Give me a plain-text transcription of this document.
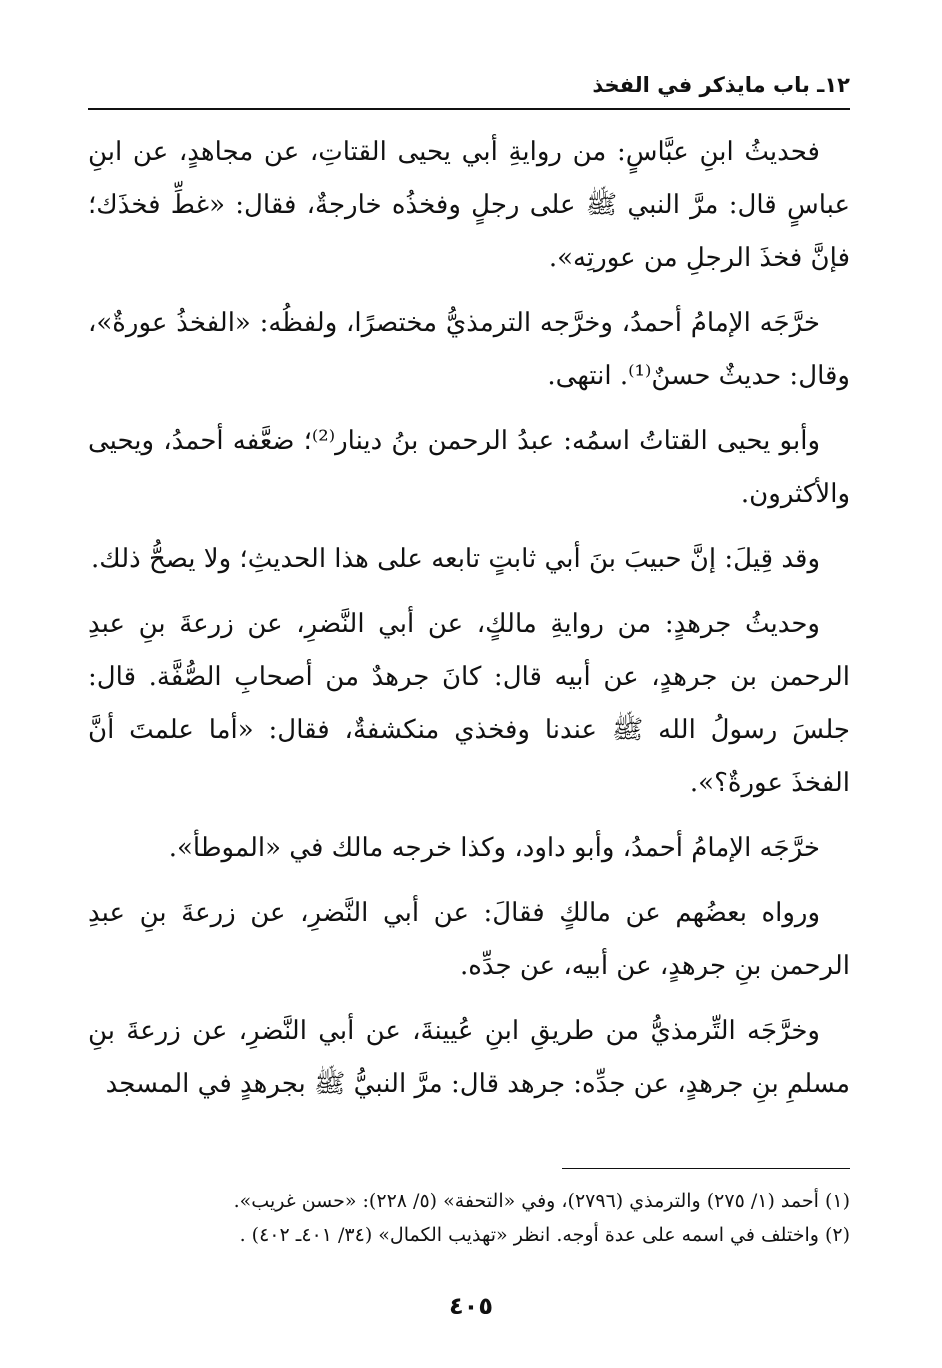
١٢ـ باب مايذكر في الفخذ

فحديثُ ابنِ عبَّاسٍ: من روايةِ أبي يحيى القتاتِ، عن مجاهدٍ، عن ابنِ عباسٍ قال: مرَّ النبي ﷺ على رجلٍ وفخذُه خارجةٌ، فقال: «غطِّ فخذَك؛ فإنَّ فخذَ الرجلِ من عورتِه».

خرَّجَه الإمامُ أحمدُ، وخرَّجه الترمذيُّ مختصرًا، ولفظُه: «الفخذُ عورةٌ»، وقال: حديثٌ حسنٌ⁽¹⁾. انتهى.

وأبو يحيى القتاتُ اسمُه: عبدُ الرحمن بنُ دينار⁽²⁾؛ ضعَّفه أحمدُ، ويحيى والأكثرون.

وقد قِيلَ: إنَّ حبيبَ بنَ أبي ثابتٍ تابعه على هذا الحديثِ؛ ولا يصحُّ ذلك.

وحديثُ جرهدٍ: من روايةِ مالكٍ، عن أبي النَّضرِ، عن زرعةَ بنِ عبدِ الرحمن بن جرهدٍ، عن أبيه قال: كانَ جرهدٌ من أصحابِ الصُّفَّة. قال: جلسَ رسولُ الله ﷺ عندنا وفخذي منكشفةٌ، فقال: «أما علمتَ أنَّ الفخذَ عورةٌ؟».

خرَّجَه الإمامُ أحمدُ، وأبو داود، وكذا خرجه مالك في «الموطأ».

ورواه بعضُهم عن مالكٍ فقالَ: عن أبي النَّضرِ، عن زرعةَ بنِ عبدِ الرحمن بنِ جرهدٍ، عن أبيه، عن جدِّه.

وخرَّجَه التِّرمذيُّ من طريقِ ابنِ عُيينةَ، عن أبي النَّضرِ، عن زرعةَ بنِ مسلمِ بنِ جرهدٍ، عن جدِّه: جرهد قال: مرَّ النبيُّ ﷺ بجرهدٍ في المسجد

(١) أحمد (١/ ٢٧٥) والترمذي (٢٧٩٦)، وفي «التحفة» (٥/ ٢٢٨): «حسن غريب».

(٢) واختلف في اسمه على عدة أوجه. انظر «تهذيب الكمال» (٣٤/ ٤٠١ـ ٤٠٢) .

٤٠٥
